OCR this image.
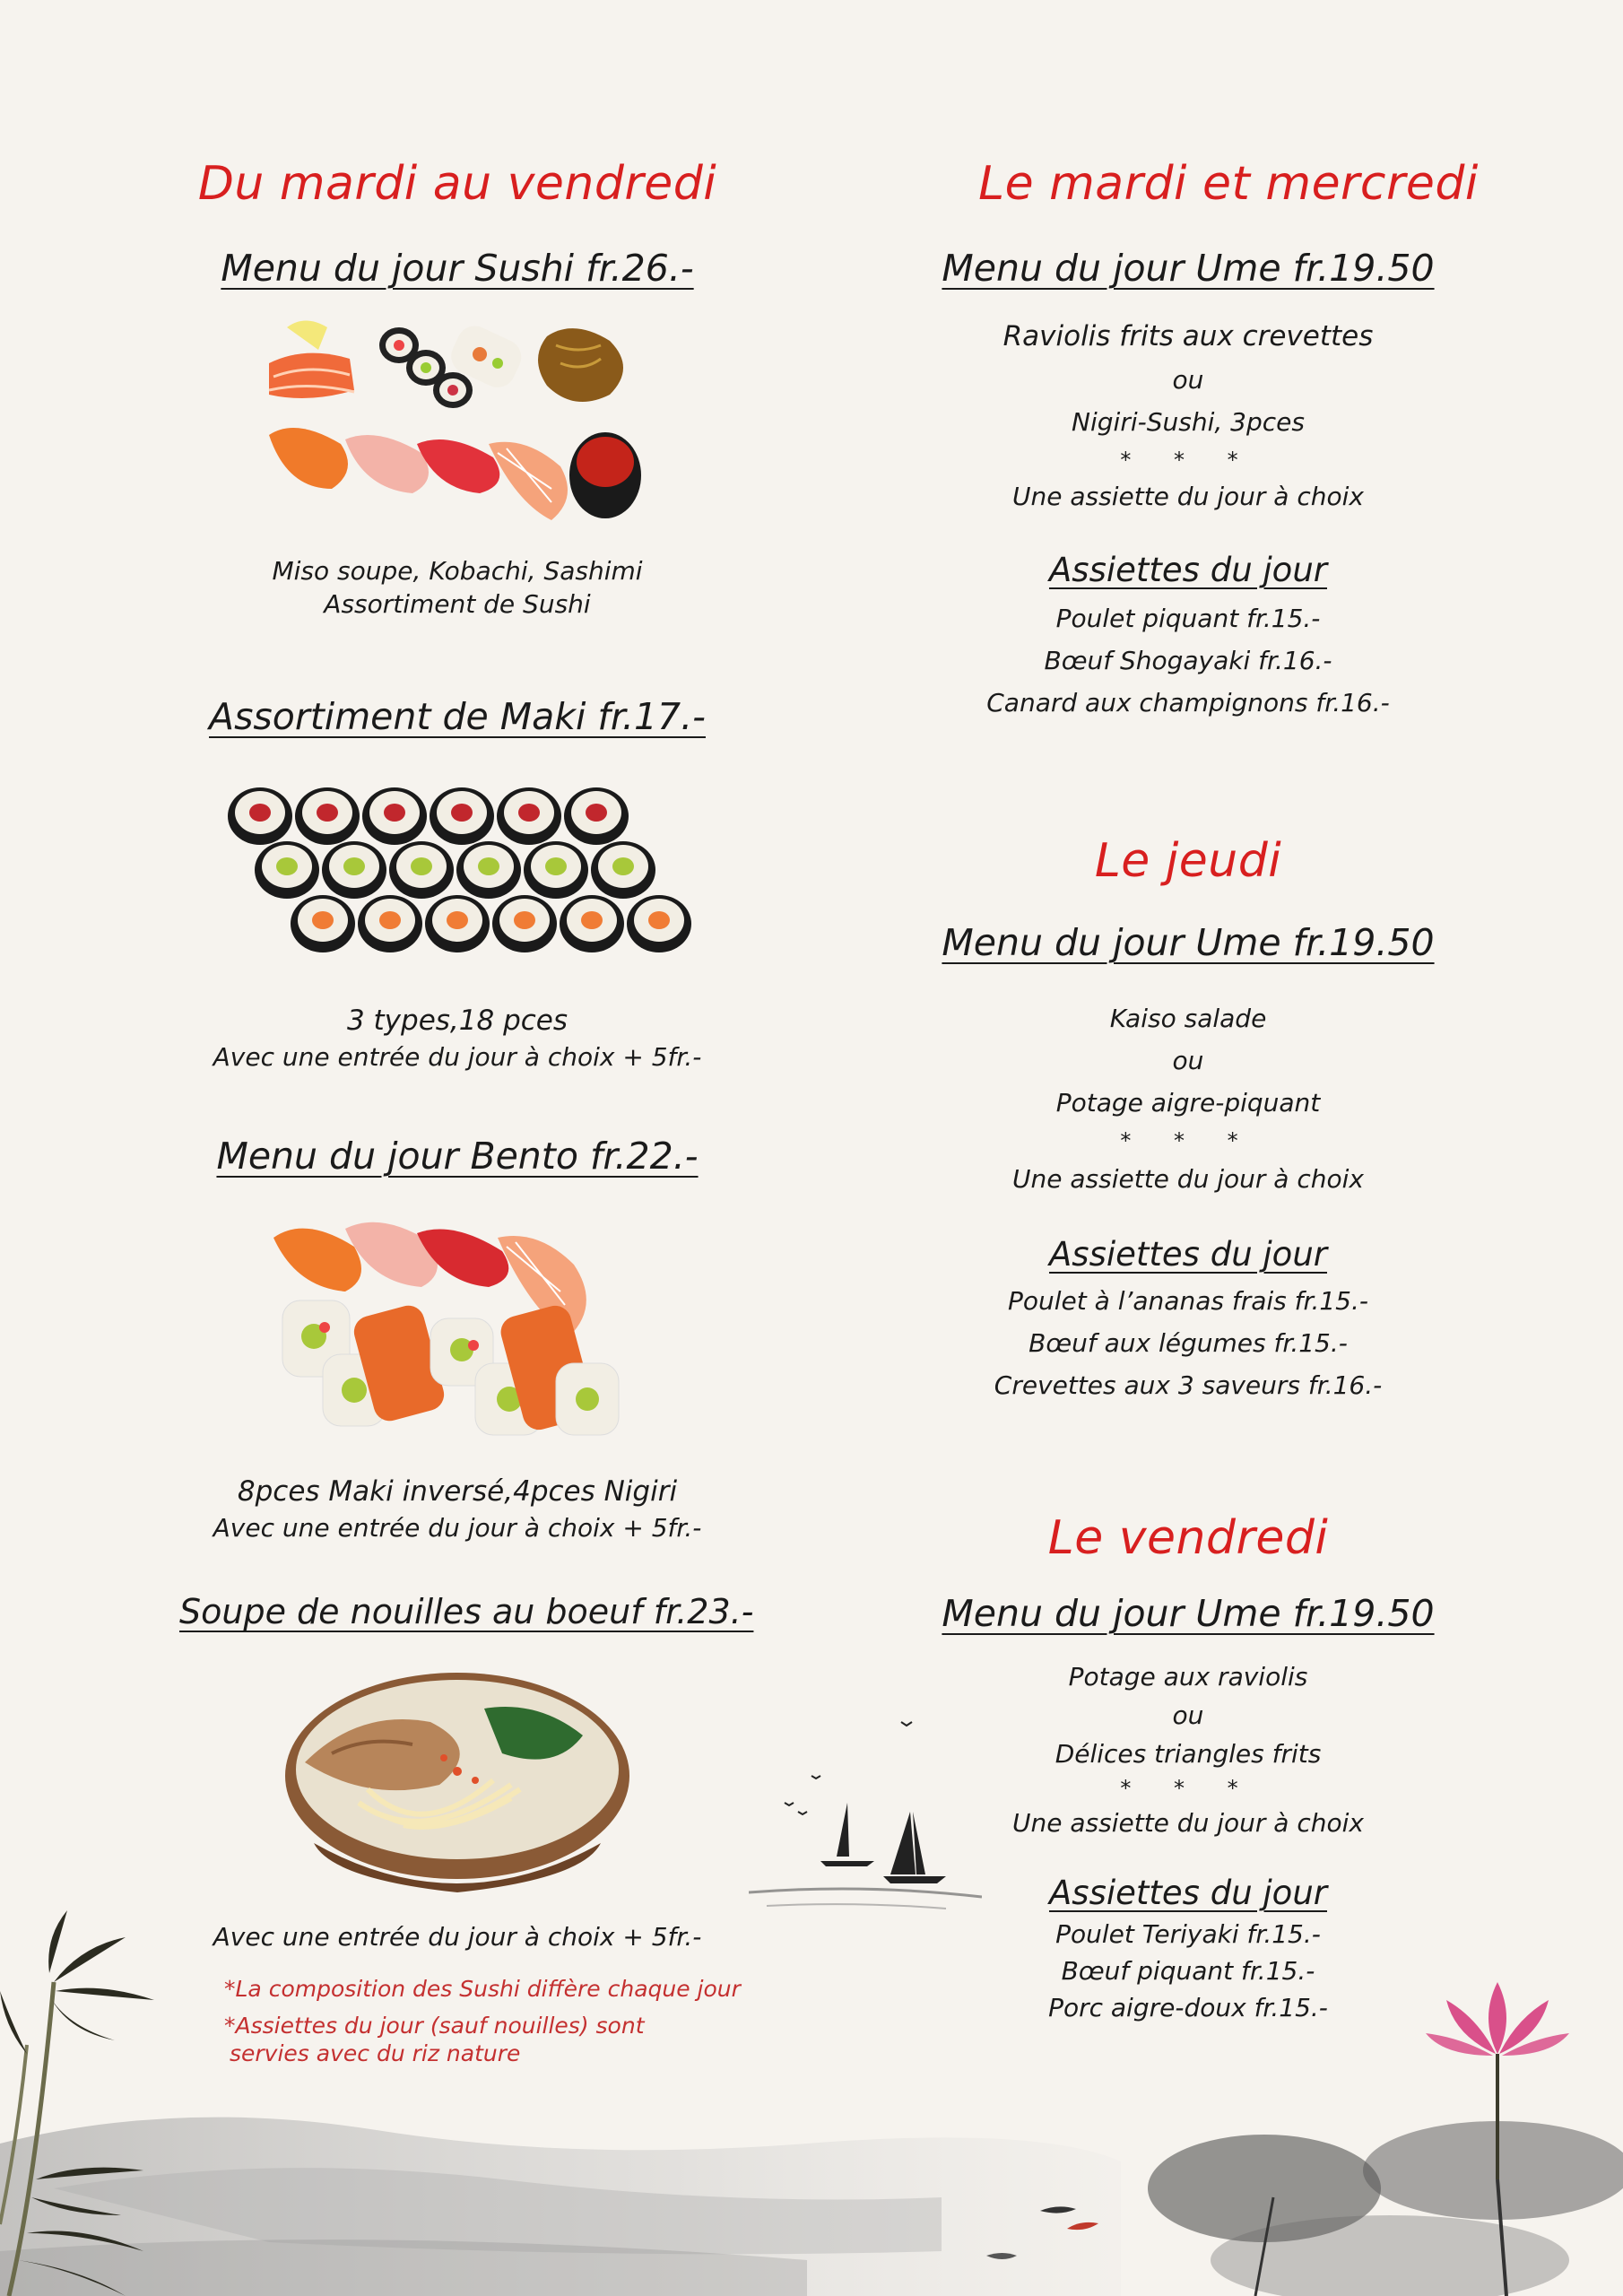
Du mardi au vendredi
Menu du jour Sushi fr.26.-
Miso soupe, Kobachi, Sashimi
Assortiment de Sushi
Assortiment de Maki fr.17.-
3 types,18 pces
Avec une entrée du jour à choix + 5fr.-
Menu du jour Bento fr.22.-
8pces Maki inversé,4pces Nigiri
Avec une entrée du jour à choix + 5fr.-
Soupe de nouilles au boeuf fr.23.-
Avec une entrée du jour à choix + 5fr.-
*La composition des Sushi diffère chaque jour
*Assiettes du jour (sauf nouilles) sont
servies avec du riz nature
Le mardi et mercredi
Menu du jour Ume fr.19.50
Raviolis frits aux crevettes
ou
Nigiri-Sushi, 3pces
* * *
Une assiette du jour à choix
Assiettes du jour
Poulet piquant fr.15.-
Bœuf Shogayaki fr.16.-
Canard aux champignons fr.16.-
Le jeudi
Menu du jour Ume fr.19.50
Kaiso salade
ou
Potage aigre-piquant
* * *
Une assiette du jour à choix
Assiettes du jour
Poulet à l’ananas frais fr.15.-
Bœuf aux légumes fr.15.-
Crevettes aux 3 saveurs fr.16.-
Le vendredi
Menu du jour Ume fr.19.50
Potage aux raviolis
ou
Délices triangles frits
* * *
Une assiette du jour à choix
Assiettes du jour
Poulet Teriyaki fr.15.-
Bœuf piquant fr.15.-
Porc aigre-doux fr.15.-
